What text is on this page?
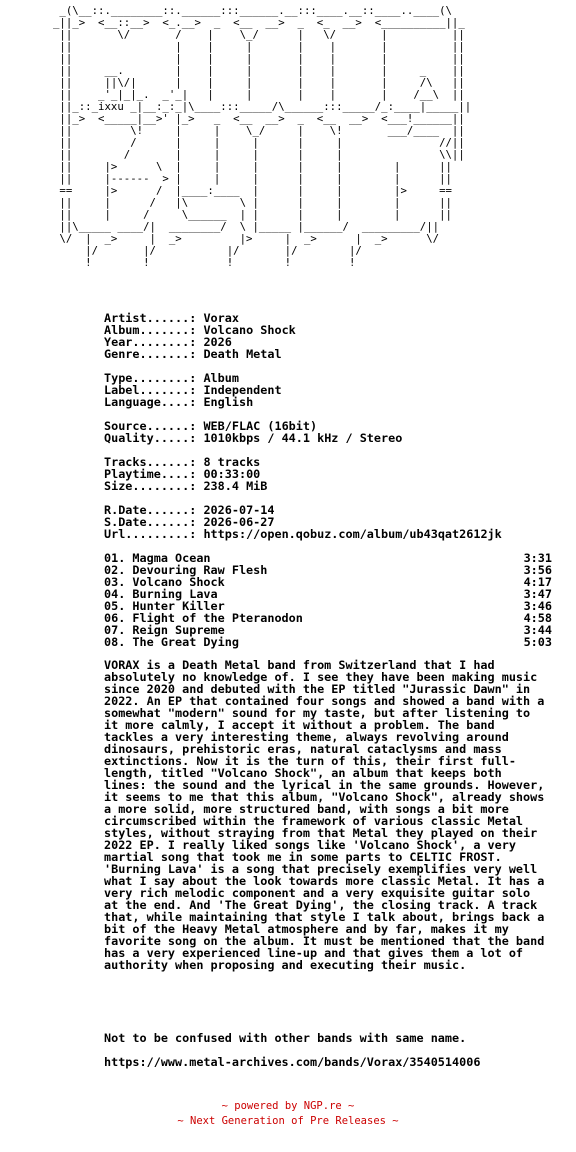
_(\__::.________::.______:::______.__:::____.__::____..____(\
_||_>  <__::__>  <_.__>  _  <__  __>  _  <_  __>  <__________||_
||       \/       /    |    \_/      |   \/       |          ||
||                |    |     |       |    |       |          ||
||                |    |     |       |    |       |          ||
||     __.        |    |     |       |    |       |     _    ||
||     ||\/|      |    |     |       |    |       |     /\   ||
||    _'_|_|_.  _'_|   |     |       |    |       |    /__\  ||
||_::_ixxu _|__:_:_|\____:::_____/\______:::_____/_:____|_____||
||_>  <_____|__>' |_>   _  <__  __>  _  <__  __>  <___!______||
||         \!     |     |    \_/     |    \!       ___/____  ||
||         /      |     |     |      |     |               //||
||        /       |     |     |      |     |               \\||
||     |>      \  |     |     |      |     |        |      ||
||     |------  > |     |     |      |     |        |      ||
==     |>      /  |____:____  |      |     |        |>     ==
||     |      /   |\        \ |      |     |        |      ||
||     |     /     \______  | |      |     |        |      ||
||\_____ ____/|  ________/  \ |_____ |______/  _________/||
\/  |  _>     |  _>         |>     |  _>      |  _>      \/
|/       |/           |/       |/        |/
!        !            !        !         !
Artist......: Vorax
Album.......: Volcano Shock
Year........: 2026
Genre.......: Death Metal
Type........: Album
Label.......: Independent
Language....: English
Source......: WEB/FLAC (16bit)
Quality.....: 1010kbps / 44.1 kHz / Stereo
Tracks......: 8 tracks
Playtime....: 00:33:00
Size........: 238.4 MiB
R.Date......: 2026-07-14
S.Date......: 2026-06-27
Url.........: https://open.qobuz.com/album/ub43qat2612jk
01. Magma Ocean	3:31
02. Devouring Raw Flesh	3:56
03. Volcano Shock	4:17
04. Burning Lava	3:47
05. Hunter Killer	3:46
06. Flight of the Pteranodon	4:58
07. Reign Supreme	3:44
08. The Great Dying	5:03
VORAX is a Death Metal band from Switzerland that I had absolutely no knowledge of. I see they have been making music since 2020 and debuted with the EP titled "Jurassic Dawn" in 2022. An EP that contained four songs and showed a band with a somewhat "modern" sound for my taste, but after listening to it more calmly, I accept it without a problem. The band tackles a very interesting theme, always revolving around dinosaurs, prehistoric eras, natural cataclysms and mass extinctions. Now it is the turn of this, their first full-length, titled "Volcano Shock", an album that keeps both lines: the sound and the lyrical in the same grounds. However, it seems to me that this album, "Volcano Shock", already shows a more solid, more structured band, with songs a bit more circumscribed within the framework of various classic Metal styles, without straying from that Metal they played on their 2022 EP. I really liked songs like 'Volcano Shock', a very martial song that took me in some parts to CELTIC FROST. 'Burning Lava' is a song that precisely exemplifies very well what I say about the look towards more classic Metal. It has a very rich melodic component and a very exquisite guitar solo at the end. And 'The Great Dying', the closing track. A track that, while maintaining that style I talk about, brings back a bit of the Heavy Metal atmosphere and by far, makes it my favorite song on the album. It must be mentioned that the band has a very experienced line-up and that gives them a lot of authority when proposing and executing their music.
Not to be confused with other bands with same name.
https://www.metal-archives.com/bands/Vorax/3540514006
~ powered by NGP.re ~
~ Next Generation of Pre Releases ~
